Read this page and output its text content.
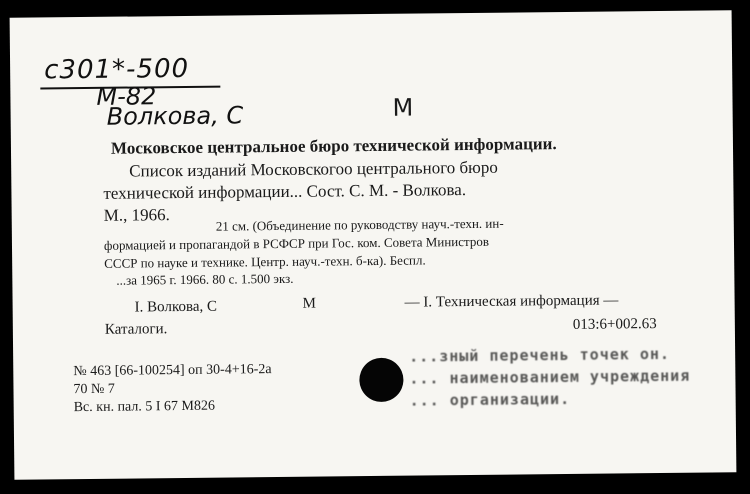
с301*-500
М-82
Волкова, С	М
Московское центральное бюро технической информации.
Список изданий Московскогоо центрального бюро
технической информации... Сост. С. М. - Волкова.
М., 1966.	21 см. (Объединение по руководству науч.-техн. ин-
формацией и пропагандой в РСФСР при Гос. ком. Совета Министров
СССР по науке и технике. Центр. науч.-техн. б-ка). Беспл.
...за 1965 г. 1966. 80 с. 1.500 экз.
I. Волкова, С	М	— I. Техническая информация —
Каталоги.	013:6+002.63
№ 463 [66-100254] оп 30-4+16-2а
70 № 7
Вс. кн. пал. 5 I 67 М826
...зный перечень точек он.
... наименованием учреждения
... организации.
